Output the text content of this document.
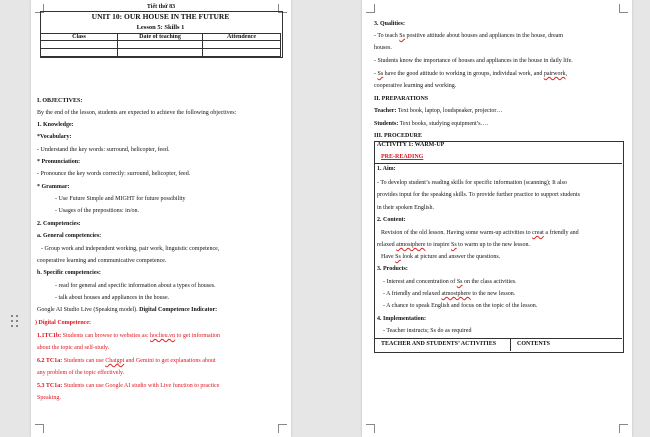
Tiết thứ 83
UNIT 10: OUR HOUSE IN THE FUTURE
Lesson 5: Skills 1
Class	Date of teaching	Attendence

I. OBJECTIVES:
By the end of the lesson, students are expected to achieve the following objectives:
1. Knowledge:
*Vocabulary:
- Understand the key words: surround, helicopter, feed.
* Pronunciation:
- Pronounce the key words correctly: surround, helicopter, feed.
* Grammar:
- Use Future Simple and MIGHT for future possibility
- Usages of the prepositions: in/on.
2. Competencies:
a. General competencies:
- Group work and independent working, pair work, linguistic competence,
cooperative learning and communicative competence.
b. Specific competencies:
- read for general and specific information about a types of houses.
- talk about houses and appliances in the house.
Google AI Studio Live (Speaking model). Digital Competence Indicator:
) Digital Competence:
1.1TC1b: Students can browse to websites as: hoclieu.vn to get information
about the topic and self-study.
6.2 TC1a: Students can use Chatgpt and Gemini to get explanations about
any problem of the topic effectively.
5.3 TC1a: Students can use Google AI studio with Live function to practice
Speaking.
3. Qualities:
- To teach Ss positive attitude about houses and appliances in the house, dream
houses.
- Students know the importance of houses and appliances in the house in daily life.
- Ss have the good attitude to working in groups, individual work, and pairwork,
cooperative learning and working.
II. PREPARATIONS
Teacher: Text book, laptop, loudspeaker, projector…
Students: Text books, studying equipment’s….
III. PROCEDURE
ACTIVITY 1: WARM-UP
PRE-READING
1. Aim:
- To develop student’s reading skills for specific information (scanning); It also
provides input for the speaking skills. To provide further practice to support students
in their spoken English.
2. Content:
Revision of the old lesson. Having some warm-up activities to creat a friendly and
relaxed atmostphere to inspire Ss to warm up to the new lesson.
Have Ss look at picture and answer the questions.
3. Products:
- Interest and concentration of Ss on the class activities.
- A friendly and relaxed atmostphere to the new lesson.
- A chance to speak English and focus on the topic of the lesson.
4. Implementation:
- Teacher instructs; Ss do as required
TEACHER AND STUDENTS’ ACTIVITIES	CONTENTS
